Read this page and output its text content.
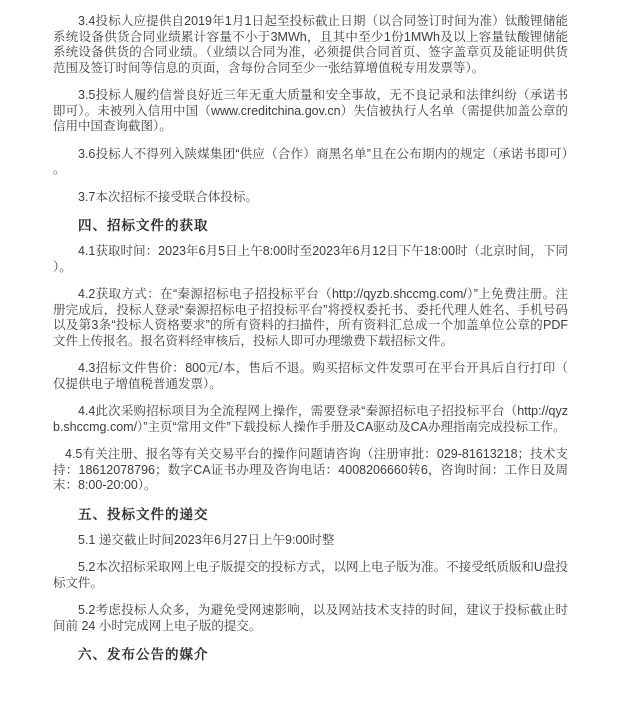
3.4投标人应提供自2019年1月1日起至投标截止日期（以合同签订时间为准）钛酸锂储能系统设备供货合同业绩累计容量不小于3MWh，且其中至少1份1MWh及以上容量钛酸锂储能系统设备供货的合同业绩。（业绩以合同为准，必须提供合同首页、签字盖章页及能证明供货范围及签订时间等信息的页面，含每份合同至少一张结算增值税专用发票等）。

3.5投标人履约信誉良好近三年无重大质量和安全事故，无不良记录和法律纠纷（承诺书即可）。未被列入信用中国（www.creditchina.gov.cn）失信被执行人名单（需提供加盖公章的信用中国查询截图）。

3.6投标人不得列入陕煤集团“供应（合作）商黑名单”且在公布期内的规定（承诺书即可）。

3.7本次招标不接受联合体投标。

四、招标文件的获取

4.1获取时间：2023年6月5日上午8:00时至2023年6月12日下午18:00时（北京时间，下同）。

4.2获取方式：在“秦源招标电子招投标平台（http://qyzb.shccmg.com/）”上免费注册。注册完成后，投标人登录“秦源招标电子招投标平台”将授权委托书、委托代理人姓名、手机号码以及第3条“投标人资格要求”的所有资料的扫描件，所有资料汇总成一个加盖单位公章的PDF文件上传报名。报名资料经审核后，投标人即可办理缴费下载招标文件。

4.3招标文件售价：800元/本，售后不退。购买招标文件发票可在平台开具后自行打印（仅提供电子增值税普通发票）。

4.4此次采购招标项目为全流程网上操作，需要登录“秦源招标电子招投标平台（http://qyzb.shccmg.com/）”主页“常用文件”下载投标人操作手册及CA驱动及CA办理指南完成投标工作。

4.5有关注册、报名等有关交易平台的操作问题请咨询（注册审批：029-81613218；技术支持：18612078796；数字CA证书办理及咨询电话：4008206660转6，咨询时间：工作日及周末：8:00-20:00）。

五、投标文件的递交

5.1 递交截止时间2023年6月27日上午9:00时整

5.2本次招标采取网上电子版提交的投标方式，以网上电子版为准。不接受纸质版和U盘投标文件。

5.2考虑投标人众多，为避免受网速影响，以及网站技术支持的时间，建议于投标截止时间前 24 小时完成网上电子版的提交。

六、发布公告的媒介
